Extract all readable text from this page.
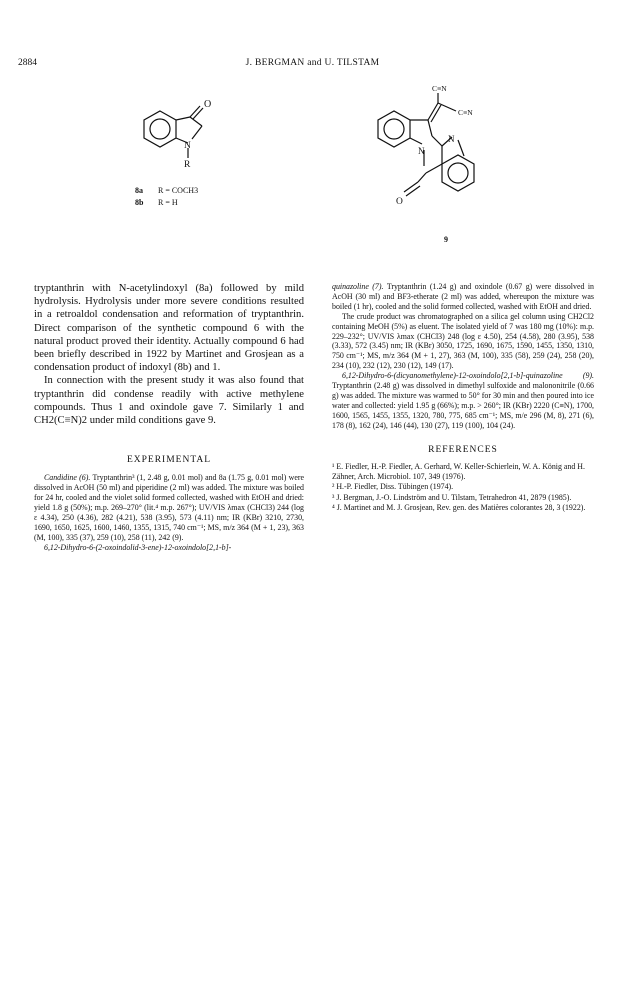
2884	J. BERGMAN and U. TILSTAM
O
N
R
8a R = COCH3
8b R = H
C≡N
C≡N
N
N
O
9

tryptanthrin with N-acetylindoxyl (8a) followed by mild hydrolysis. Hydrolysis under more severe conditions resulted in a retroaldol condensation and reformation of tryptanthrin. Direct comparison of the synthetic compound 6 with the natural product proved their identity. Actually compound 6 had been briefly described in 1922 by Martinet and Grosjean as a condensation product of indoxyl (8b) and 1.

In connection with the present study it was also found that tryptanthrin did condense readily with active methylene compounds. Thus 1 and oxindole gave 7. Similarly 1 and CH2(C≡N)2 under mild conditions gave 9.

EXPERIMENTAL

Candidine (6). Tryptanthrin³ (1, 2.48 g, 0.01 mol) and 8a (1.75 g, 0.01 mol) were dissolved in AcOH (50 ml) and piperidine (2 ml) was added. The mixture was boiled for 24 hr, cooled and the violet solid formed collected, washed with EtOH and dried: yield 1.8 g (50%); m.p. 269–270° (lit.⁴ m.p. 267°); UV/VIS λmax (CHCl3) 244 (log ε 4.34), 250 (4.36), 282 (4.21), 538 (3.95), 573 (4.11) nm; IR (KBr) 3210, 2730, 1690, 1650, 1625, 1600, 1460, 1355, 1315, 740 cm⁻¹; MS, m/z 364 (M + 1, 23), 363 (M, 100), 335 (37), 259 (10), 258 (11), 242 (9).

6,12-Dihydro-6-(2-oxoindolid-3-ene)-12-oxoindolo[2,1-b]-

quinazoline (7). Tryptanthrin (1.24 g) and oxindole (0.67 g) were dissolved in AcOH (30 ml) and BF3-etherate (2 ml) was added, whereupon the mixture was boiled (1 hr), cooled and the solid formed collected, washed with EtOH and dried.

The crude product was chromatographed on a silica gel column using CH2Cl2 containing MeOH (5%) as eluent. The isolated yield of 7 was 180 mg (10%): m.p. 229–232°; UV/VIS λmax (CHCl3) 248 (log ε 4.50), 254 (4.58), 280 (3.95), 538 (3.33), 572 (3.45) nm; IR (KBr) 3050, 1725, 1690, 1675, 1590, 1455, 1350, 1310, 750 cm⁻¹; MS, m/z 364 (M + 1, 27), 363 (M, 100), 335 (58), 259 (24), 258 (20), 234 (10), 232 (12), 230 (12), 149 (17).

6,12-Dihydro-6-(dicyanomethylene)-12-oxoindolo[2,1-b]-quinazoline (9). Tryptanthrin (2.48 g) was dissolved in dimethyl sulfoxide and malononitrile (0.66 g) was added. The mixture was warmed to 50° for 30 min and then poured into ice water and collected: yield 1.95 g (66%); m.p. > 260°; IR (KBr) 2220 (C≡N), 1700, 1600, 1565, 1455, 1355, 1320, 780, 775, 685 cm⁻¹; MS, m/e 296 (M, 8), 271 (6), 178 (8), 162 (24), 146 (44), 130 (27), 119 (100), 104 (24).

REFERENCES

¹ E. Fiedler, H.-P. Fiedler, A. Gerhard, W. Keller-Schierlein, W. A. König and H. Zähner, Arch. Microbiol. 107, 349 (1976).

² H.-P. Fiedler, Diss. Tübingen (1974).

³ J. Bergman, J.-O. Lindström and U. Tilstam, Tetrahedron 41, 2879 (1985).

⁴ J. Martinet and M. J. Grosjean, Rev. gen. des Matières colorantes 28, 3 (1922).
